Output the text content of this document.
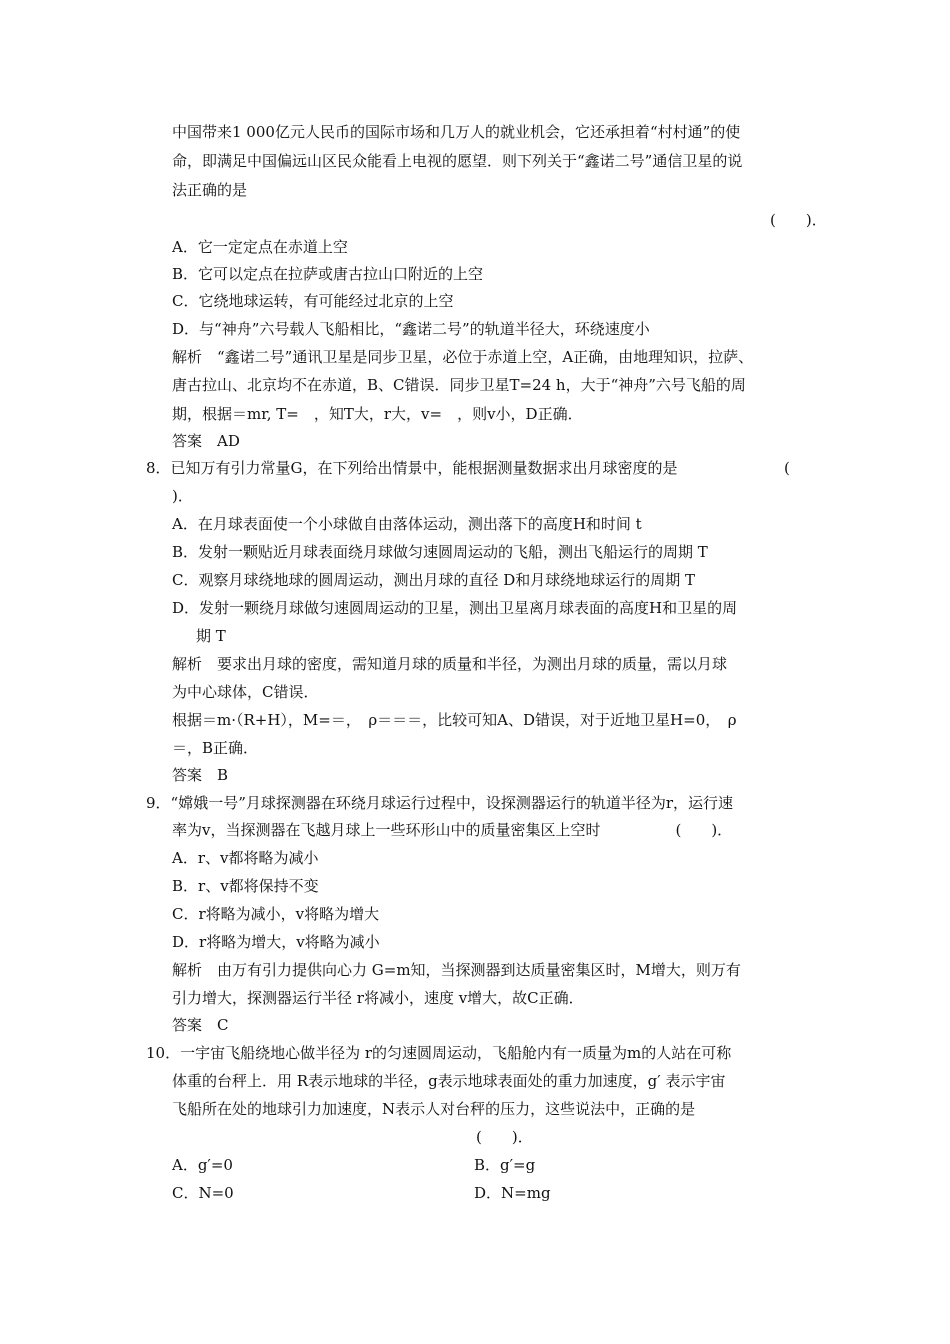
中国带来1 000亿元人民币的国际市场和几万人的就业机会，它还承担着“村村通”的使
命，即满足中国偏远山区民众能看上电视的愿望．则下列关于“鑫诺二号”通信卫星的说
法正确的是
(　　)．
A．它一定定点在赤道上空
B．它可以定点在拉萨或唐古拉山口附近的上空
C．它绕地球运转，有可能经过北京的上空
D．与“神舟”六号载人飞船相比，“鑫诺二号”的轨道半径大，环绕速度小
解析　“鑫诺二号”通讯卫星是同步卫星，必位于赤道上空，A正确，由地理知识，拉萨、
唐古拉山、北京均不在赤道，B、C错误．同步卫星T=24 h，大于“神舟”六号飞船的周
期，根据＝mr, T=　，知T大，r大，v=　，则v小，D正确．
答案　AD
8．已知万有引力常量G，在下列给出情景中，能根据测量数据求出月球密度的是	(
)．
A．在月球表面使一个小球做自由落体运动，测出落下的高度H和时间 t
B．发射一颗贴近月球表面绕月球做匀速圆周运动的飞船，测出飞船运行的周期 T
C．观察月球绕地球的圆周运动，测出月球的直径 D和月球绕地球运行的周期 T
D．发射一颗绕月球做匀速圆周运动的卫星，测出卫星离月球表面的高度H和卫星的周
期 T
解析　要求出月球的密度，需知道月球的质量和半径，为测出月球的质量，需以月球
为中心球体，C错误．
根据＝m·（R+H），M=＝，　ρ＝＝＝，比较可知A、D错误，对于近地卫星H=0，　ρ
＝，B正确．
答案　B
9．“嫦娥一号”月球探测器在环绕月球运行过程中，设探测器运行的轨道半径为r，运行速
率为v，当探测器在飞越月球上一些环形山中的质量密集区上空时　　　　　(　　)．
A．r、v都将略为减小
B．r、v都将保持不变
C．r将略为减小，v将略为增大
D．r将略为增大，v将略为减小
解析　由万有引力提供向心力 G=m知，当探测器到达质量密集区时，M增大，则万有
引力增大，探测器运行半径 r将减小，速度 v增大，故C正确．
答案　C
10．一宇宙飞船绕地心做半径为 r的匀速圆周运动，飞船舱内有一质量为m的人站在可称
体重的台秤上．用 R表示地球的半径，g表示地球表面处的重力加速度，g′ 表示宇宙
飞船所在处的地球引力加速度，N表示人对台秤的压力，这些说法中，正确的是
(　　)．
A．g′=0	B．g′=g
C．N=0	D．N=mg
